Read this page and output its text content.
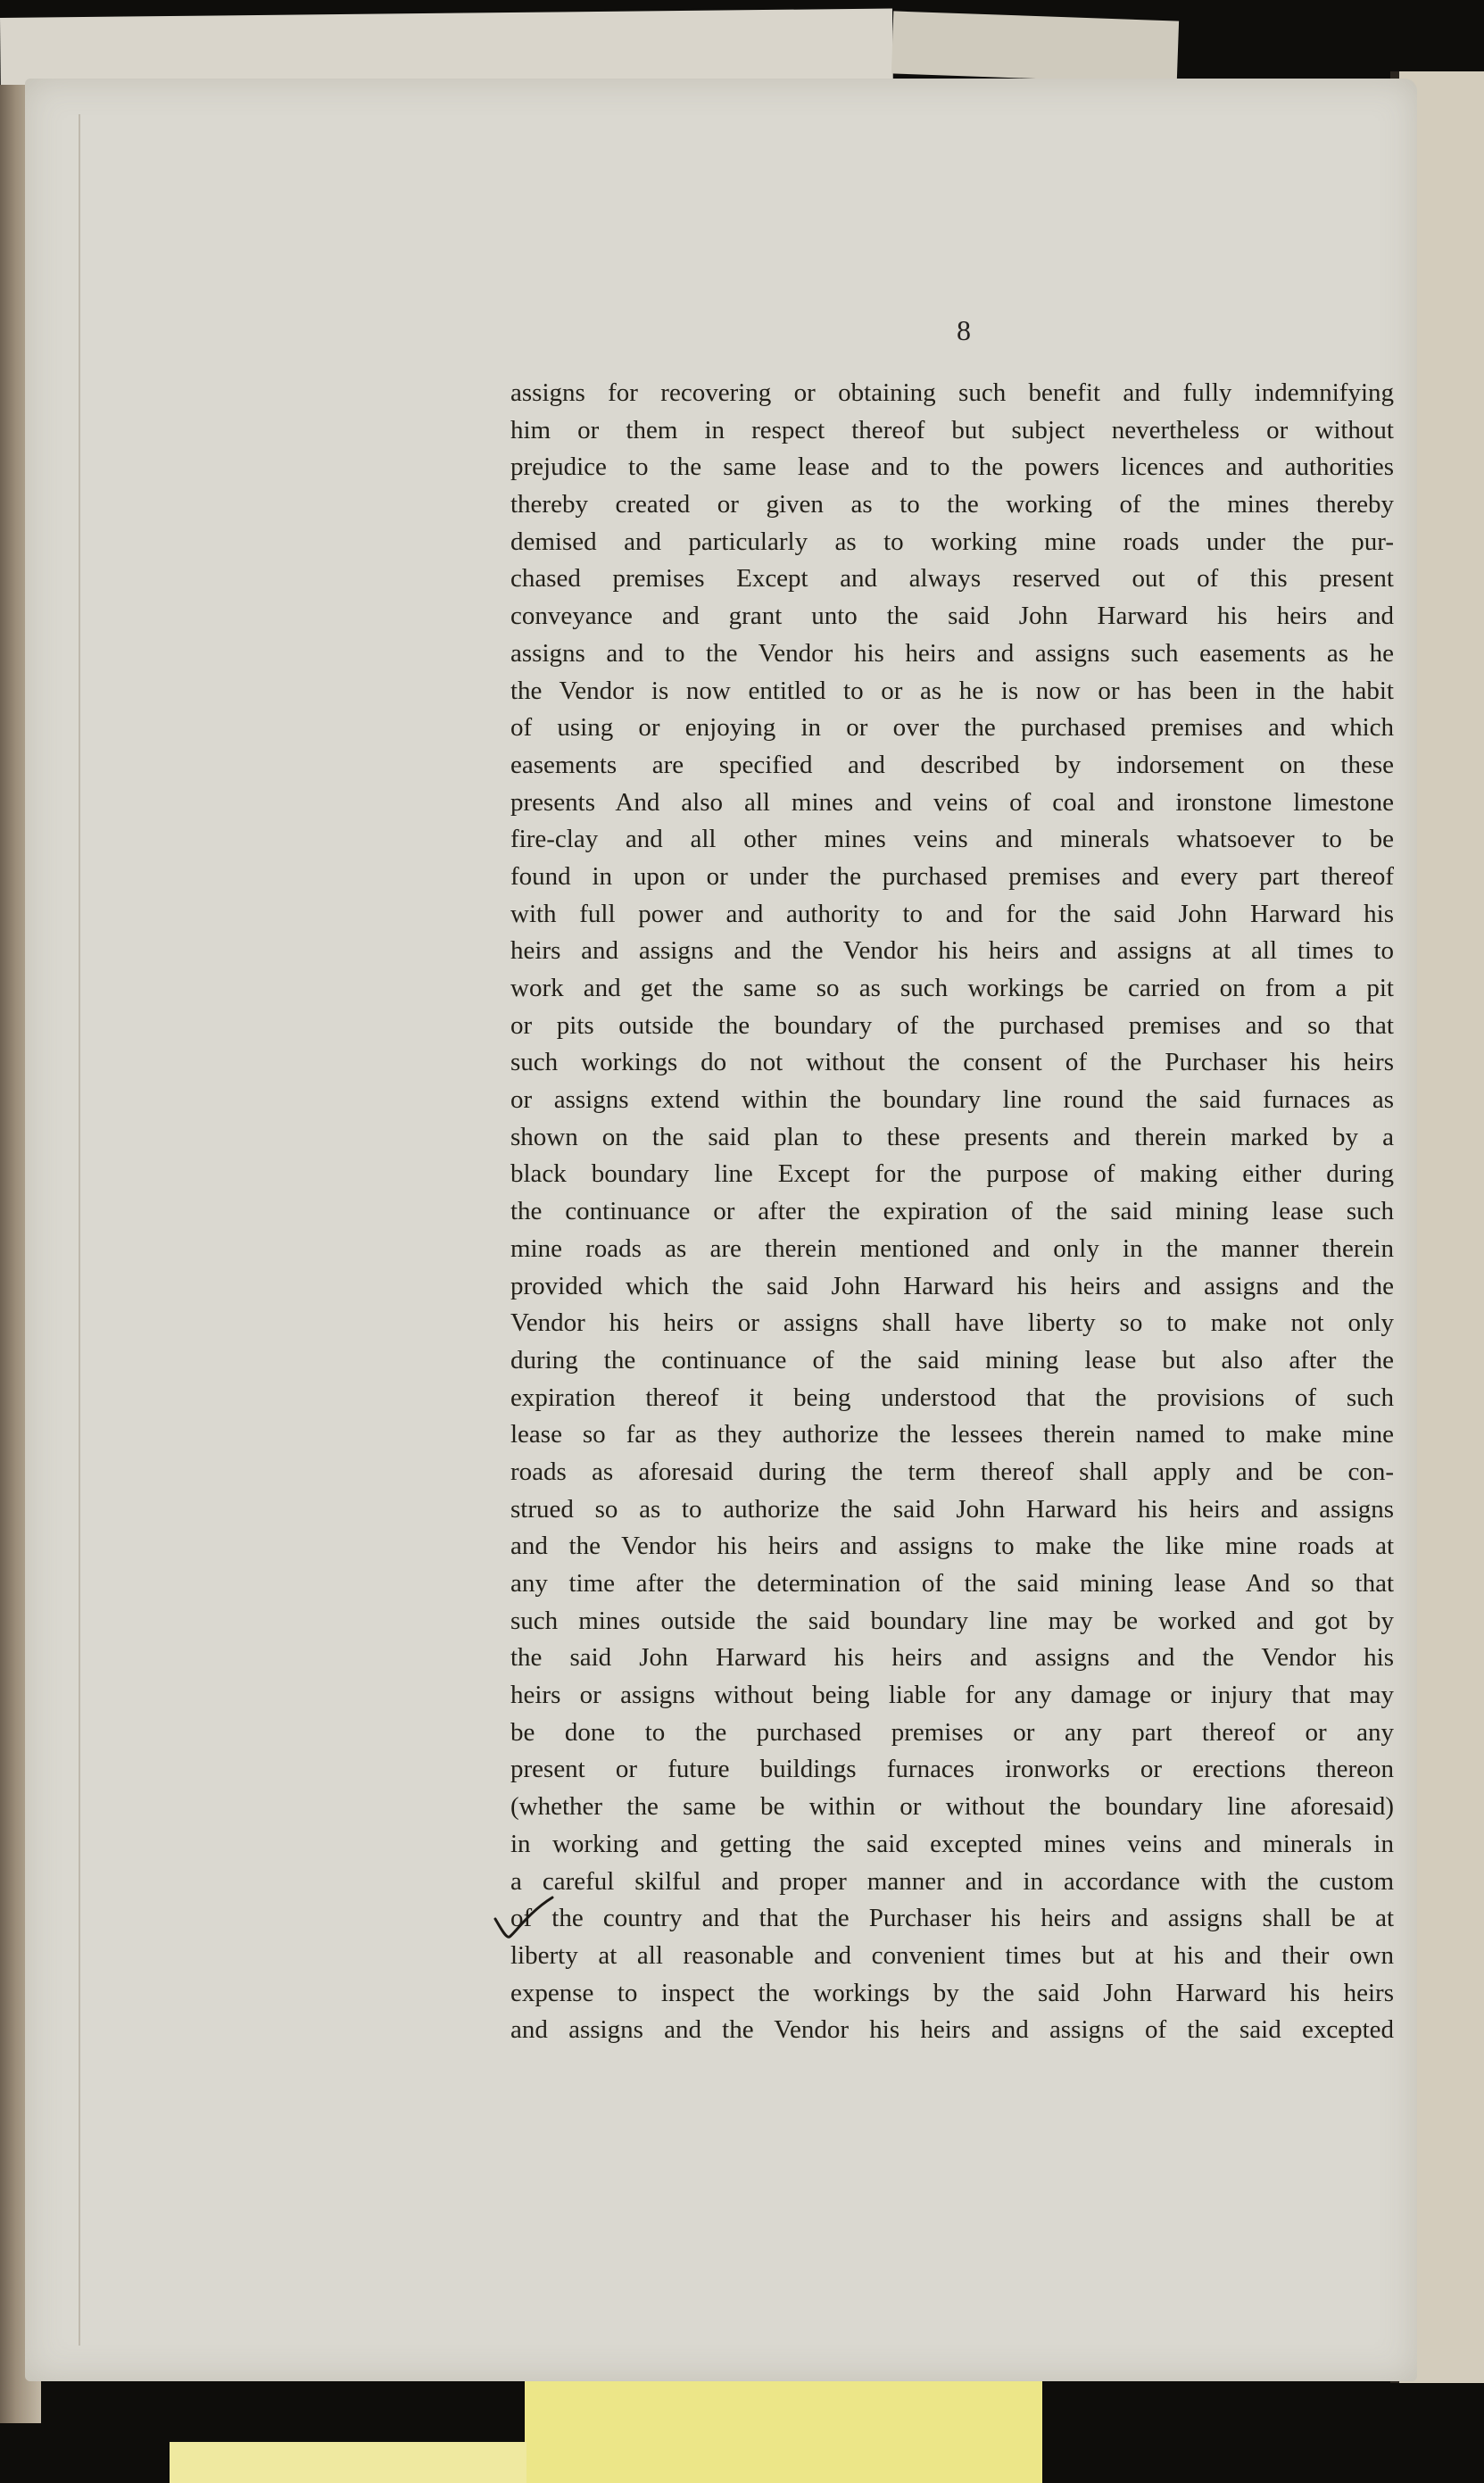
8
assigns for recovering or obtaining such benefit and fully indemnifying
him or them in respect thereof but subject nevertheless or without
prejudice to the same lease and to the powers licences and authorities
thereby created or given as to the working of the mines thereby
demised and particularly as to working mine roads under the pur-
chased premises Except and always reserved out of this present
conveyance and grant unto the said John Harward his heirs and
assigns and to the Vendor his heirs and assigns such easements as he
the Vendor is now entitled to or as he is now or has been in the habit
of using or enjoying in or over the purchased premises and which
easements are specified and described by indorsement on these
presents And also all mines and veins of coal and ironstone limestone
fire-clay and all other mines veins and minerals whatsoever to be
found in upon or under the purchased premises and every part thereof
with full power and authority to and for the said John Harward his
heirs and assigns and the Vendor his heirs and assigns at all times to
work and get the same so as such workings be carried on from a pit
or pits outside the boundary of the purchased premises and so that
such workings do not without the consent of the Purchaser his heirs
or assigns extend within the boundary line round the said furnaces as
shown on the said plan to these presents and therein marked by a
black boundary line Except for the purpose of making either during
the continuance or after the expiration of the said mining lease such
mine roads as are therein mentioned and only in the manner therein
provided which the said John Harward his heirs and assigns and the
Vendor his heirs or assigns shall have liberty so to make not only
during the continuance of the said mining lease but also after the
expiration thereof it being understood that the provisions of such
lease so far as they authorize the lessees therein named to make mine
roads as aforesaid during the term thereof shall apply and be con-
strued so as to authorize the said John Harward his heirs and assigns
and the Vendor his heirs and assigns to make the like mine roads at
any time after the determination of the said mining lease And so that
such mines outside the said boundary line may be worked and got by
the said John Harward his heirs and assigns and the Vendor his
heirs or assigns without being liable for any damage or injury that may
be done to the purchased premises or any part thereof or any
present or future buildings furnaces ironworks or erections thereon
(whether the same be within or without the boundary line aforesaid)
in working and getting the said excepted mines veins and minerals in
a careful skilful and proper manner and in accordance with the custom
of the country and that the Purchaser his heirs and assigns shall be at
liberty at all reasonable and convenient times but at his and their own
expense to inspect the workings by the said John Harward his heirs
and assigns and the Vendor his heirs and assigns of the said excepted
